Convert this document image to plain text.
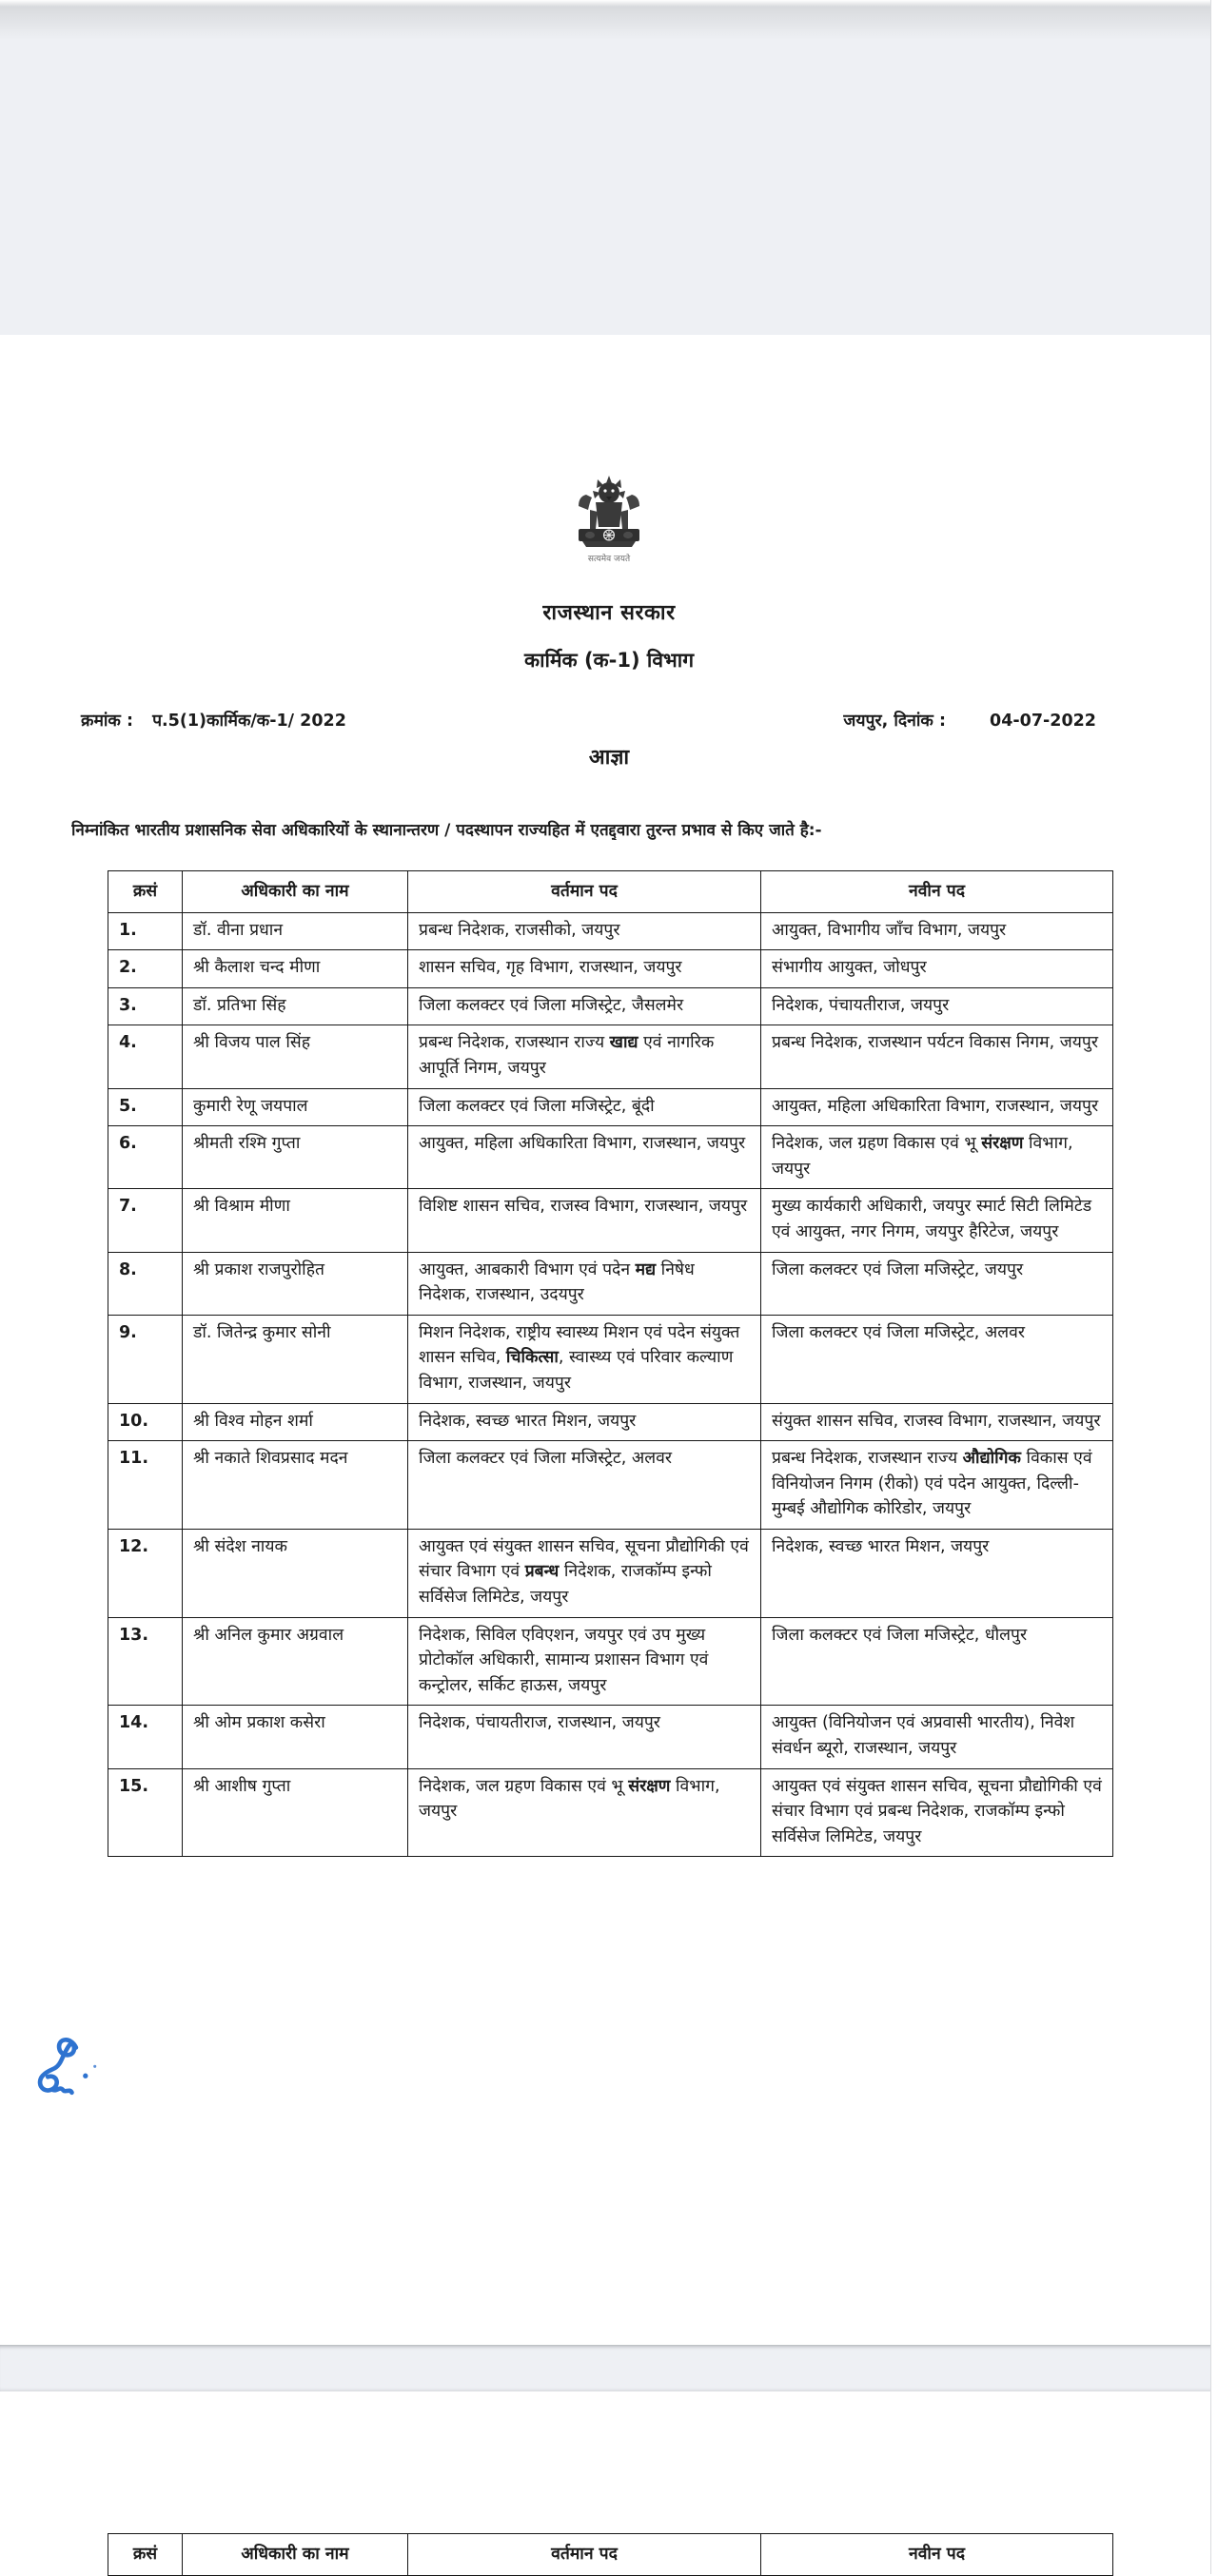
सत्यमेव जयते
राजस्थान सरकार
कार्मिक (क-1) विभाग
क्रमांक : प.5(1)कार्मिक/क-1/ 2022	जयपुर, दिनांक :	04-07-2022
आज्ञा
निम्नांकित भारतीय प्रशासनिक सेवा अधिकारियों के स्थानान्तरण / पदस्थापन राज्यहित में एतद्द्वारा तुरन्त प्रभाव से किए जाते है:-
क्रसं	अधिकारी का नाम	वर्तमान पद	नवीन पद
1.	डॉ. वीना प्रधान	प्रबन्ध निदेशक, राजसीको, जयपुर	आयुक्त, विभागीय जाँच विभाग, जयपुर
2.	श्री कैलाश चन्द मीणा	शासन सचिव, गृह विभाग, राजस्थान, जयपुर	संभागीय आयुक्त, जोधपुर
3.	डॉ. प्रतिभा सिंह	जिला कलक्टर एवं जिला मजिस्ट्रेट, जैसलमेर	निदेशक, पंचायतीराज, जयपुर
4.	श्री विजय पाल सिंह	प्रबन्ध निदेशक, राजस्थान राज्य खाद्य एवं नागरिक आपूर्ति निगम, जयपुर	प्रबन्ध निदेशक, राजस्थान पर्यटन विकास निगम, जयपुर
5.	कुमारी रेणू जयपाल	जिला कलक्टर एवं जिला मजिस्ट्रेट, बूंदी	आयुक्त, महिला अधिकारिता विभाग, राजस्थान, जयपुर
6.	श्रीमती रश्मि गुप्ता	आयुक्त, महिला अधिकारिता विभाग, राजस्थान, जयपुर	निदेशक, जल ग्रहण विकास एवं भू संरक्षण विभाग, जयपुर
7.	श्री विश्राम मीणा	विशिष्ट शासन सचिव, राजस्व विभाग, राजस्थान, जयपुर	मुख्य कार्यकारी अधिकारी, जयपुर स्मार्ट सिटी लिमिटेड एवं आयुक्त, नगर निगम, जयपुर हैरिटेज, जयपुर
8.	श्री प्रकाश राजपुरोहित	आयुक्त, आबकारी विभाग एवं पदेन मद्य निषेध निदेशक, राजस्थान, उदयपुर	जिला कलक्टर एवं जिला मजिस्ट्रेट, जयपुर
9.	डॉ. जितेन्द्र कुमार सोनी	मिशन निदेशक, राष्ट्रीय स्वास्थ्य मिशन एवं पदेन संयुक्त शासन सचिव, चिकित्सा, स्वास्थ्य एवं परिवार कल्याण विभाग, राजस्थान, जयपुर	जिला कलक्टर एवं जिला मजिस्ट्रेट, अलवर
10.	श्री विश्व मोहन शर्मा	निदेशक, स्वच्छ भारत मिशन, जयपुर	संयुक्त शासन सचिव, राजस्व विभाग, राजस्थान, जयपुर
11.	श्री नकाते शिवप्रसाद मदन	जिला कलक्टर एवं जिला मजिस्ट्रेट, अलवर	प्रबन्ध निदेशक, राजस्थान राज्य औद्योगिक विकास एवं विनियोजन निगम (रीको) एवं पदेन आयुक्त, दिल्ली-मुम्बई औद्योगिक कोरिडोर, जयपुर
12.	श्री संदेश नायक	आयुक्त एवं संयुक्त शासन सचिव, सूचना प्रौद्योगिकी एवं संचार विभाग एवं प्रबन्ध निदेशक, राजकॉम्प इन्फो सर्विसेज लिमिटेड, जयपुर	निदेशक, स्वच्छ भारत मिशन, जयपुर
13.	श्री अनिल कुमार अग्रवाल	निदेशक, सिविल एविएशन, जयपुर एवं उप मुख्य प्रोटोकॉल अधिकारी, सामान्य प्रशासन विभाग एवं कन्ट्रोलर, सर्किट हाऊस, जयपुर	जिला कलक्टर एवं जिला मजिस्ट्रेट, धौलपुर
14.	श्री ओम प्रकाश कसेरा	निदेशक, पंचायतीराज, राजस्थान, जयपुर	आयुक्त (विनियोजन एवं अप्रवासी भारतीय), निवेश संवर्धन ब्यूरो, राजस्थान, जयपुर
15.	श्री आशीष गुप्ता	निदेशक, जल ग्रहण विकास एवं भू संरक्षण विभाग, जयपुर	आयुक्त एवं संयुक्त शासन सचिव, सूचना प्रौद्योगिकी एवं संचार विभाग एवं प्रबन्ध निदेशक, राजकॉम्प इन्फो सर्विसेज लिमिटेड, जयपुर
क्रसं	अधिकारी का नाम	वर्तमान पद	नवीन पद
